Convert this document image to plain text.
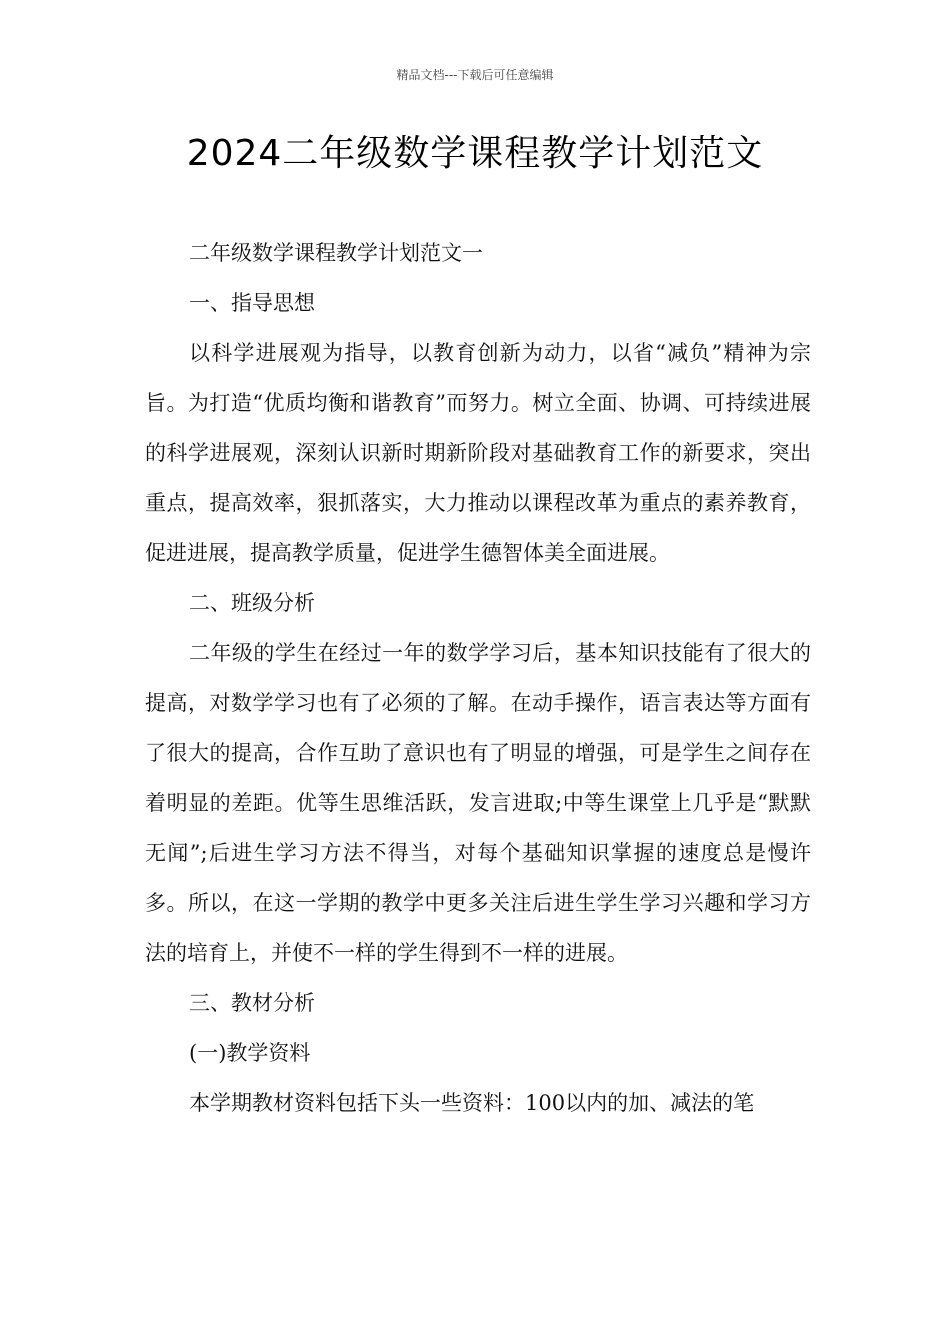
精品文档---下载后可任意编辑
2024二年级数学课程教学计划范文

二年级数学课程教学计划范文一

一、指导思想

以科学进展观为指导，以教育创新为动力，以省“减负”精神为宗旨。为打造“优质均衡和谐教育”而努力。树立全面、协调、可持续进展的科学进展观，深刻认识新时期新阶段对基础教育工作的新要求，突出重点，提高效率，狠抓落实，大力推动以课程改革为重点的素养教育，促进进展，提高教学质量，促进学生德智体美全面进展。

二、班级分析

二年级的学生在经过一年的数学学习后，基本知识技能有了很大的提高，对数学学习也有了必须的了解。在动手操作，语言表达等方面有了很大的提高，合作互助了意识也有了明显的增强，可是学生之间存在着明显的差距。优等生思维活跃，发言进取;中等生课堂上几乎是“默默无闻”;后进生学习方法不得当，对每个基础知识掌握的速度总是慢许多。所以，在这一学期的教学中更多关注后进生学生学习兴趣和学习方法的培育上，并使不一样的学生得到不一样的进展。

三、教材分析

(一)教学资料

本学期教材资料包括下头一些资料：100以内的加、减法的笔
